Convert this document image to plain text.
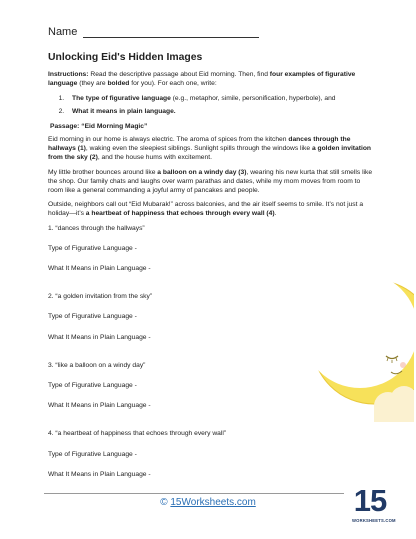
Name
Unlocking Eid's Hidden Images

Instructions: Read the descriptive passage about Eid morning. Then, find four examples of figurative language (they are bolded for you). For each one, write:

1. The type of figurative language (e.g., metaphor, simile, personification, hyperbole), and
2. What it means in plain language.

Passage: “Eid Morning Magic”

Eid morning in our home is always electric. The aroma of spices from the kitchen dances through the hallways (1), waking even the sleepiest siblings. Sunlight spills through the windows like a golden invitation from the sky (2), and the house hums with excitement.

My little brother bounces around like a balloon on a windy day (3), wearing his new kurta that still smells like the shop. Our family chats and laughs over warm parathas and dates, while my mom moves from room to room like a general commanding a joyful army of pancakes and people.

Outside, neighbors call out “Eid Mubarak!” across balconies, and the air itself seems to smile. It’s not just a holiday—it’s a heartbeat of happiness that echoes through every wall (4).

1. “dances through the hallways”

Type of Figurative Language -

What It Means in Plain Language -

2. “a golden invitation from the sky”

Type of Figurative Language -

What It Means in Plain Language -

3. “like a balloon on a windy day”

Type of Figurative Language -

What It Means in Plain Language -

4. “a heartbeat of happiness that echoes through every wall”

Type of Figurative Language -

What It Means in Plain Language -

© 15Worksheets.com	15
WORKSHEETS.COM
